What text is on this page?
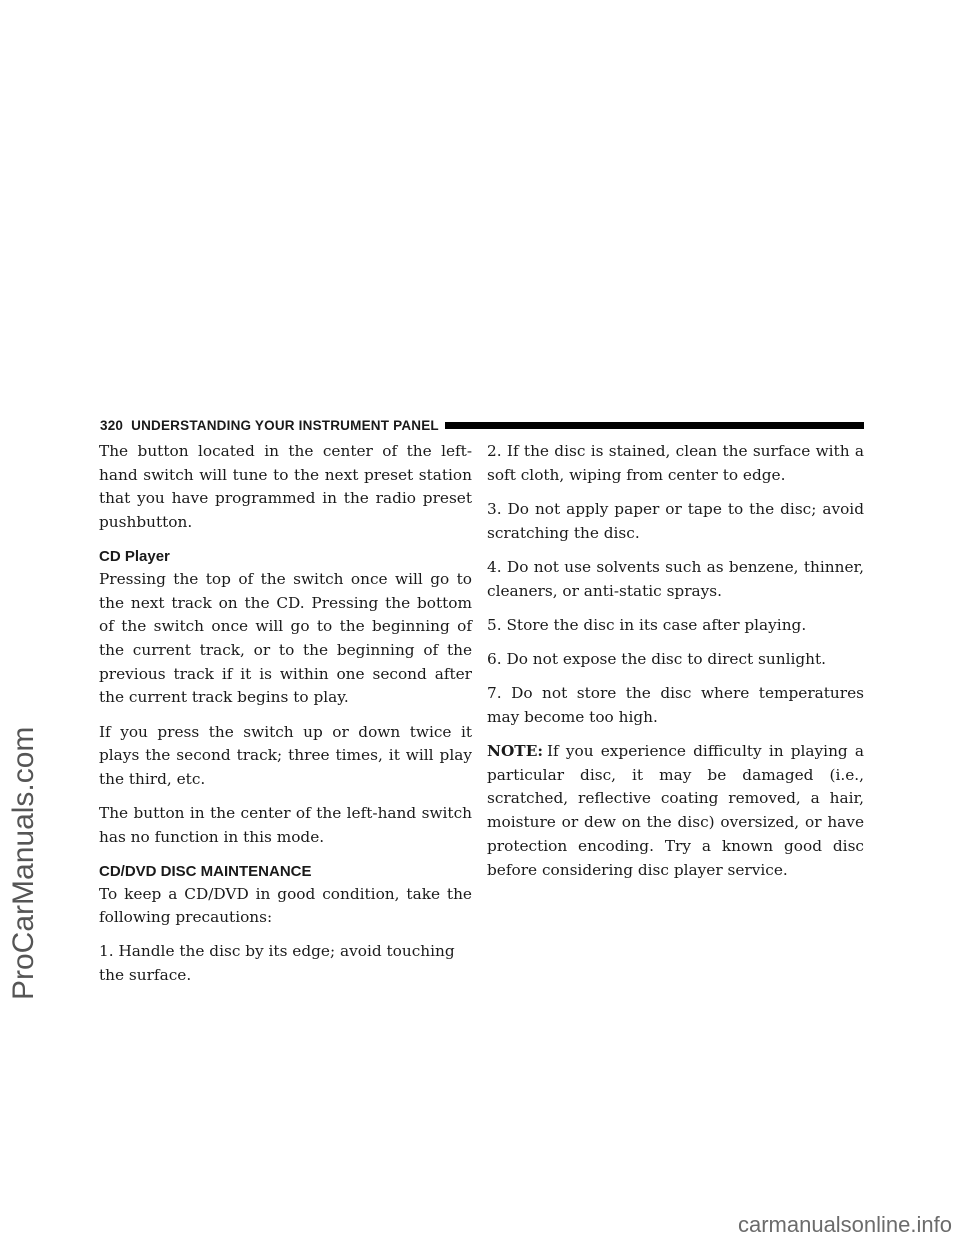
ProCarManuals.com
320 UNDERSTANDING YOUR INSTRUMENT PANEL

The button located in the center of the left-hand switch will tune to the next preset station that you have programmed in the radio preset pushbutton.

CD Player

Pressing the top of the switch once will go to the next track on the CD. Pressing the bottom of the switch once will go to the beginning of the current track, or to the beginning of the previous track if it is within one second after the current track begins to play.

If you press the switch up or down twice it plays the second track; three times, it will play the third, etc.

The button in the center of the left-hand switch has no function in this mode.

CD/DVD DISC MAINTENANCE

To keep a CD/DVD in good condition, take the following precautions:

1. Handle the disc by its edge; avoid touching the surface.

2. If the disc is stained, clean the surface with a soft cloth, wiping from center to edge.

3. Do not apply paper or tape to the disc; avoid scratching the disc.

4. Do not use solvents such as benzene, thinner, cleaners, or anti-static sprays.

5. Store the disc in its case after playing.

6. Do not expose the disc to direct sunlight.

7. Do not store the disc where temperatures may become too high.

NOTE: If you experience difficulty in playing a particular disc, it may be damaged (i.e., scratched, reflective coating removed, a hair, moisture or dew on the disc) oversized, or have protection encoding. Try a known good disc before considering disc player service.

carmanualsonline.info
